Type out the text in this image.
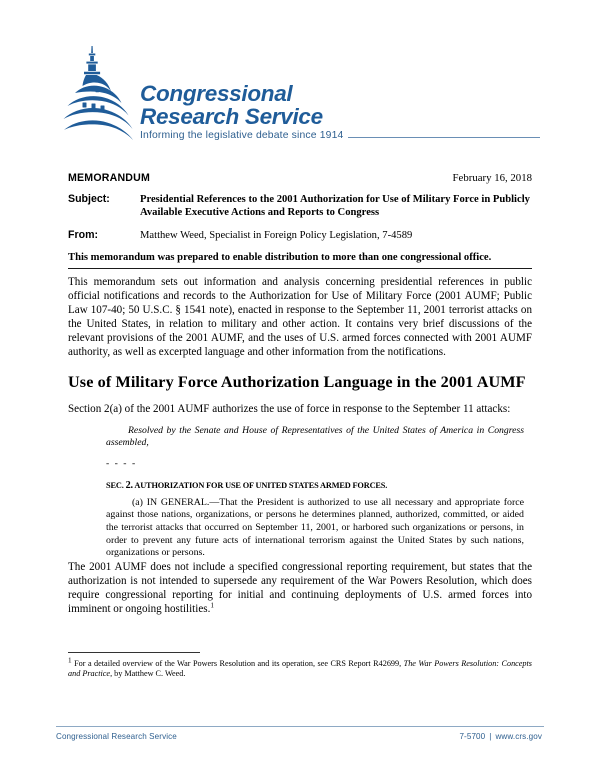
Congressional
Research Service
Informing the legislative debate since 1914
MEMORANDUM	February 16, 2018
Subject:	Presidential References to the 2001 Authorization for Use of Military Force in Publicly Available Executive Actions and Reports to Congress
From:	Matthew Weed, Specialist in Foreign Policy Legislation, 7-4589
This memorandum was prepared to enable distribution to more than one congressional office.

This memorandum sets out information and analysis concerning presidential references in public official notifications and records to the Authorization for Use of Military Force (2001 AUMF; Public Law 107-40; 50 U.S.C. § 1541 note), enacted in response to the September 11, 2001 terrorist attacks on the United States, in relation to military and other action. It contains very brief discussions of the relevant provisions of the 2001 AUMF, and the uses of U.S. armed forces connected with 2001 AUMF authority, as well as excerpted language and other information from the notifications.

Use of Military Force Authorization Language in the 2001 AUMF

Section 2(a) of the 2001 AUMF authorizes the use of force in response to the September 11 attacks:

Resolved by the Senate and House of Representatives of the United States of America in Congress assembled,

- - - -
SEC. 2. AUTHORIZATION FOR USE OF UNITED STATES ARMED FORCES.

(a) IN GENERAL.—That the President is authorized to use all necessary and appropriate force against those nations, organizations, or persons he determines planned, authorized, committed, or aided the terrorist attacks that occurred on September 11, 2001, or harbored such organizations or persons, in order to prevent any future acts of international terrorism against the United States by such nations, organizations or persons.

The 2001 AUMF does not include a specified congressional reporting requirement, but states that the authorization is not intended to supersede any requirement of the War Powers Resolution, which does require congressional reporting for initial and continuing deployments of U.S. armed forces into imminent or ongoing hostilities.$^1$

$^1$ For a detailed overview of the War Powers Resolution and its operation, see CRS Report R42699, The War Powers Resolution: Concepts and Practice, by Matthew C. Weed.

Congressional Research Service	7-5700 | www.crs.gov
